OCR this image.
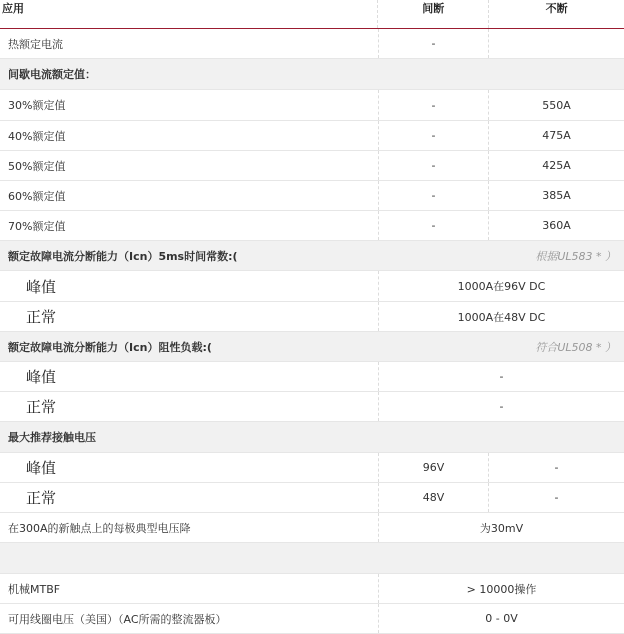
应用	间断	不断
热额定电流	-
间歇电流额定值：
30%额定值	-	550A
40%额定值	-	475A
50%额定值	-	425A
60%额定值	-	385A
70%额定值	-	360A
额定故障电流分断能力（Icn）5ms时间常数:(	根据UL583 * ）
峰值	1000A在96V DC
正常	1000A在48V DC
额定故障电流分断能力（Icn）阻性负载:(	符合UL508 * ）
峰值	-
正常	-
最大推荐接触电压
峰值	96V	-
正常	48V	-
在300A的新触点上的每极典型电压降	为30mV
机械MTBF	> 10000操作
可用线圈电压（美国）（AC所需的整流器板）	0 - 0V
